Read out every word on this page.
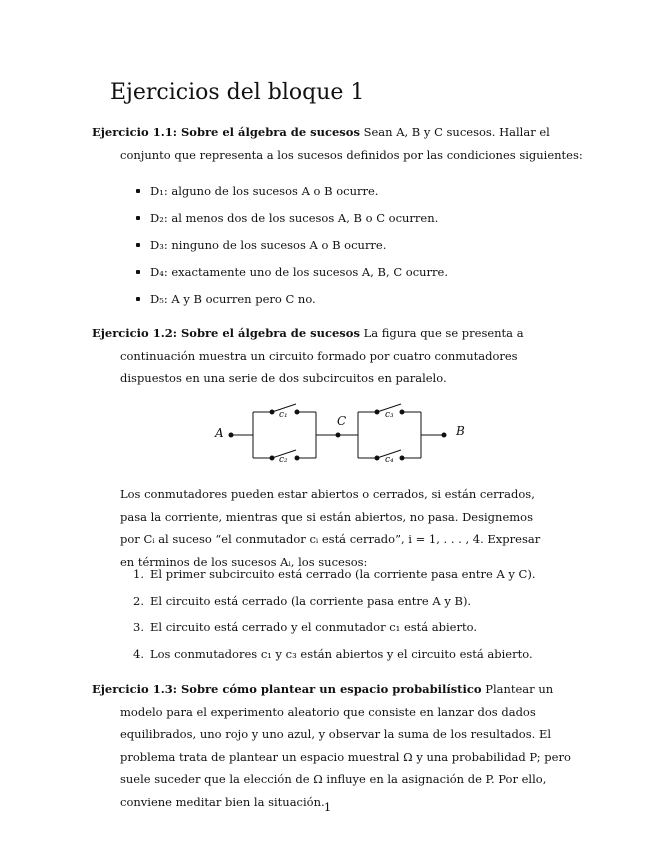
Ejercicios del bloque 1

Ejercicio 1.1: Sobre el álgebra de sucesos Sean A, B y C sucesos. Hallar el conjunto que representa a los sucesos definidos por las condiciones siguientes:

D₁: alguno de los sucesos A o B ocurre.
D₂: al menos dos de los sucesos A, B o C ocurren.
D₃: ninguno de los sucesos A o B ocurre.
D₄: exactamente uno de los sucesos A, B, C ocurre.
D₅: A y B ocurren pero C no.

Ejercicio 1.2: Sobre el álgebra de sucesos La figura que se presenta a continuación muestra un circuito formado por cuatro conmutadores dispuestos en una serie de dos subcircuitos en paralelo.

A	B
C
c₁
c₂
c₃
c₄

Los conmutadores pueden estar abiertos o cerrados, si están cerrados, pasa la corriente, mientras que si están abiertos, no pasa. Designemos por Cᵢ al suceso “el conmutador cᵢ está cerrado”, i = 1, . . . , 4. Expresar en términos de los sucesos Aᵢ, los sucesos:

1. El primer subcircuito está cerrado (la corriente pasa entre A y C).
2. El circuito está cerrado (la corriente pasa entre A y B).
3. El circuito está cerrado y el conmutador c₁ está abierto.
4. Los conmutadores c₁ y c₃ están abiertos y el circuito está abierto.

Ejercicio 1.3: Sobre cómo plantear un espacio probabilístico Plantear un modelo para el experimento aleatorio que consiste en lanzar dos dados equilibrados, uno rojo y uno azul, y observar la suma de los resultados. El problema trata de plantear un espacio muestral Ω y una probabilidad P; pero suele suceder que la elección de Ω influye en la asignación de P. Por ello, conviene meditar bien la situación. 1
